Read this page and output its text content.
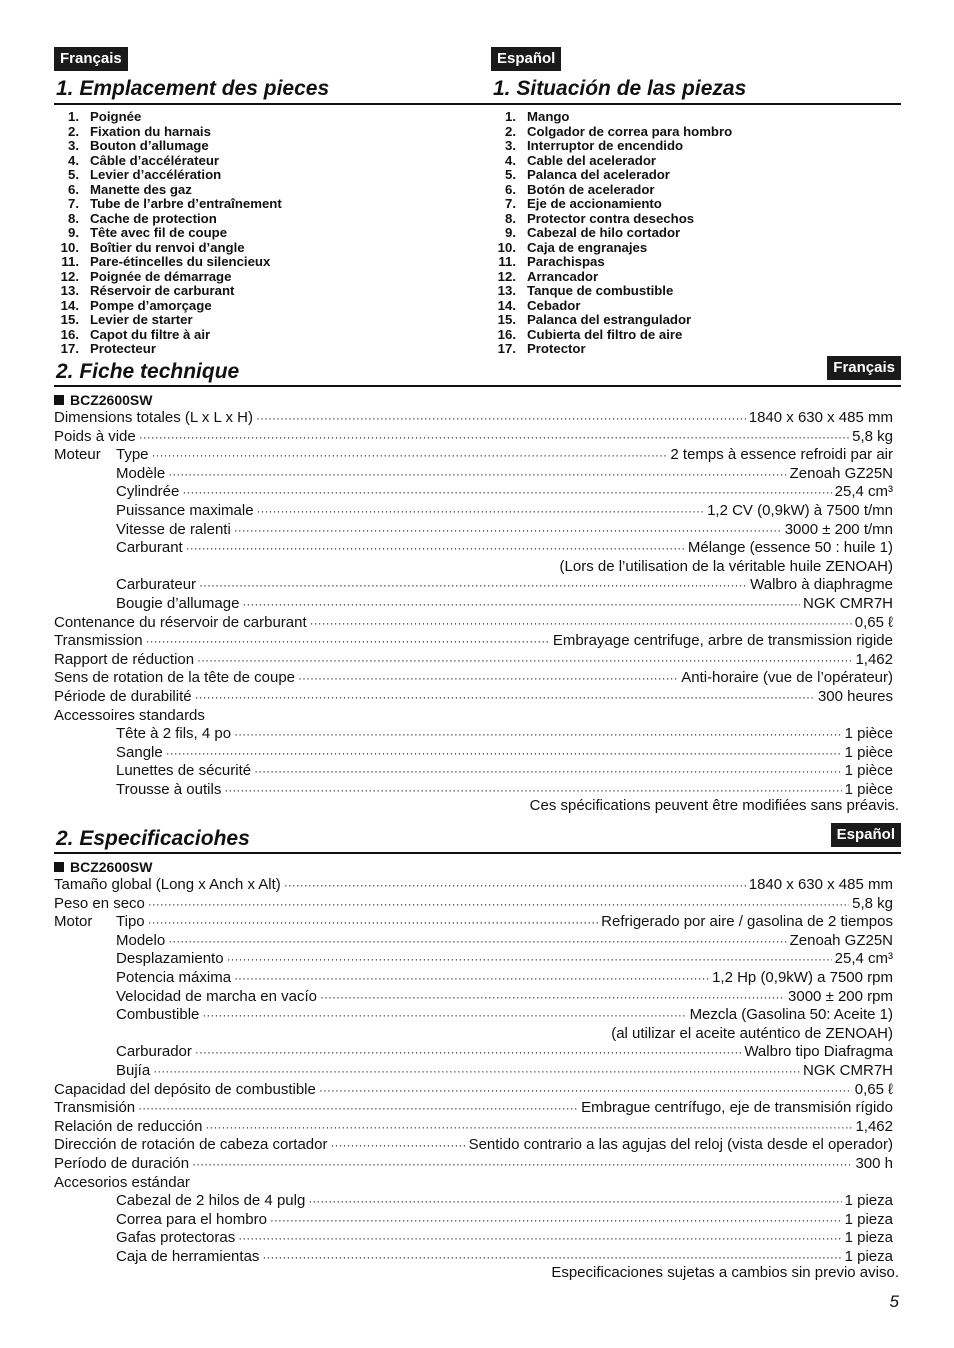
Français	Español
1. Emplacement des pieces	1. Situación de las piezas
1. Poignée
2. Fixation du harnais
3. Bouton d’allumage
4. Câble d’accélérateur
5. Levier d’accélération
6. Manette des gaz
7. Tube de l’arbre d’entraînement
8. Cache de protection
9. Tête avec fil de coupe
10. Boîtier du renvoi d’angle
11. Pare-étincelles du silencieux
12. Poignée de démarrage
13. Réservoir de carburant
14. Pompe d’amorçage
15. Levier de starter
16. Capot du filtre à air
17. Protecteur
1. Mango
2. Colgador de correa para hombro
3. Interruptor de encendido
4. Cable del acelerador
5. Palanca del acelerador
6. Botón de acelerador
7. Eje de accionamiento
8. Protector contra desechos
9. Cabezal de hilo cortador
10. Caja de engranajes
11. Parachispas
12. Arrancador
13. Tanque de combustible
14. Cebador
15. Palanca del estrangulador
16. Cubierta del filtro de aire
17. Protector
2. Fiche technique	Français
BCZ2600SW
Dimensions totales (L x L x H) ·····	1840 x 630 x 485 mm
Poids à vide ·····	5,8 kg
Moteur	Type ·····	2 temps à essence refroidi par air
Modèle ·····	Zenoah GZ25N
Cylindrée ·····	25,4 cm³
Puissance maximale ·····	1,2 CV (0,9kW) à 7500 t/mn
Vitesse de ralenti ·····	3000 ± 200 t/mn
Carburant ·····	Mélange (essence 50 : huile 1)
(Lors de l’utilisation de la véritable huile ZENOAH)
Carburateur ·····	Walbro à diaphragme
Bougie d’allumage ·····	NGK CMR7H
Contenance du réservoir de carburant ·····	0,65 ℓ
Transmission ·····	Embrayage centrifuge, arbre de transmission rigide
Rapport de réduction ·····	1,462
Sens de rotation de la tête de coupe ·····	Anti-horaire (vue de l’opérateur)
Période de durabilité ·····	300 heures
Accessoires standards
Tête à 2 fils, 4 po ·····	1 pièce
Sangle ·····	1 pièce
Lunettes de sécurité ·····	1 pièce
Trousse à outils ·····	1 pièce
Ces spécifications peuvent être modifiées sans préavis.
2. Especificaciohes	Español
BCZ2600SW
Tamaño global (Long x Anch x Alt) ·····	1840 x 630 x 485 mm
Peso en seco ·····	5,8 kg
Motor	Tipo ·····	Refrigerado por aire / gasolina de 2 tiempos
Modelo ·····	Zenoah GZ25N
Desplazamiento ·····	25,4 cm³
Potencia máxima ·····	1,2 Hp (0,9kW) a 7500 rpm
Velocidad de marcha en vacío ·····	3000 ± 200 rpm
Combustible ·····	Mezcla (Gasolina 50: Aceite 1)
(al utilizar el aceite auténtico de ZENOAH)
Carburador ·····	Walbro tipo Diafragma
Bujía ·····	NGK CMR7H
Capacidad del depósito de combustible ·····	0,65 ℓ
Transmisión ·····	Embrague centrífugo, eje de transmisión rígido
Relación de reducción ·····	1,462
Dirección de rotación de cabeza cortador ·····	Sentido contrario a las agujas del reloj (vista desde el operador)
Período de duración ·····	300 h
Accesorios estándar
Cabezal de 2 hilos de 4 pulg ·····	1 pieza
Correa para el hombro ·····	1 pieza
Gafas protectoras ·····	1 pieza
Caja de herramientas ·····	1 pieza
Especificaciones sujetas a cambios sin previo aviso.
5
